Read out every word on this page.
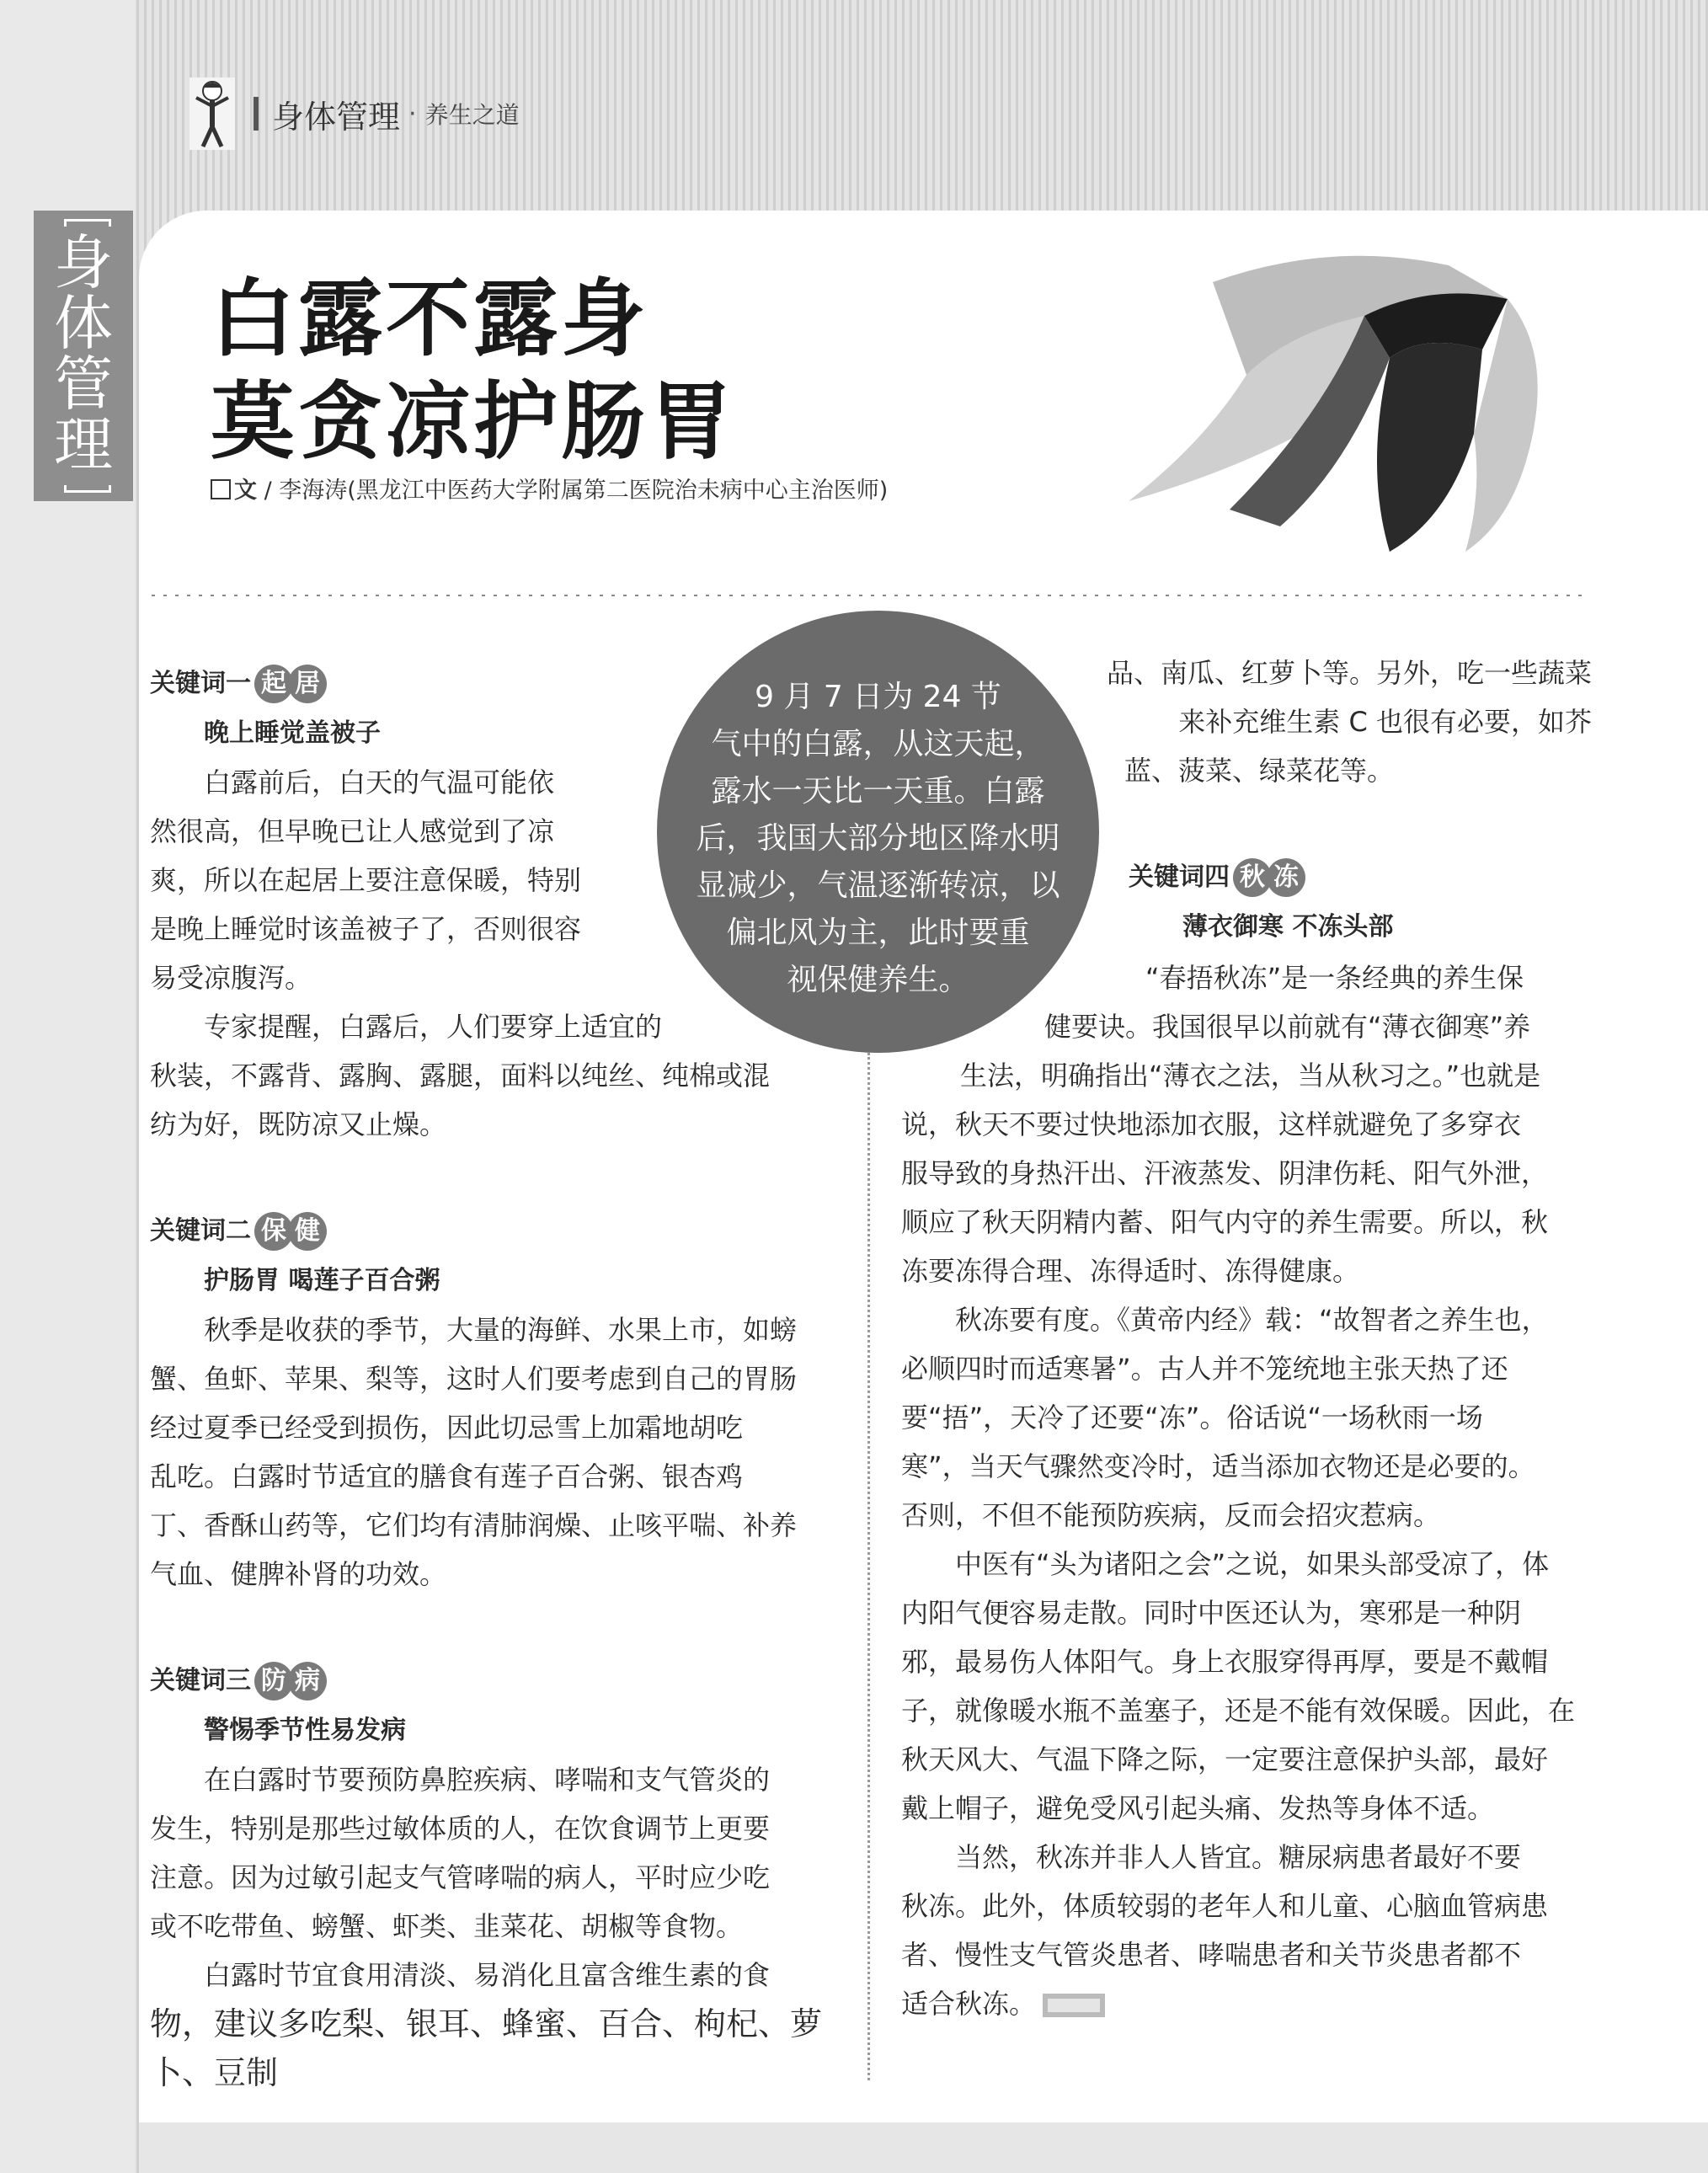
身体管理 · 养生之道
身
体
管
理
白露不露身
莫贪凉护肠胃
文 / 李海涛(黑龙江中医药大学附属第二医院治未病中心主治医师)
关键词一 起 居
晚上睡觉盖被子
白露前后，白天的气温可能依
然很高，但早晚已让人感觉到了凉
爽，所以在起居上要注意保暖，特别
是晚上睡觉时该盖被子了，否则很容
易受凉腹泻。
专家提醒，白露后，人们要穿上适宜的
秋装，不露背、露胸、露腿，面料以纯丝、纯棉或混
纺为好，既防凉又止燥。
关键词二 保 健
护肠胃 喝莲子百合粥
秋季是收获的季节，大量的海鲜、水果上市，如螃
蟹、鱼虾、苹果、梨等，这时人们要考虑到自己的胃肠
经过夏季已经受到损伤，因此切忌雪上加霜地胡吃
乱吃。白露时节适宜的膳食有莲子百合粥、银杏鸡
丁、香酥山药等，它们均有清肺润燥、止咳平喘、补养
气血、健脾补肾的功效。
关键词三 防 病
警惕季节性易发病
在白露时节要预防鼻腔疾病、哮喘和支气管炎的
发生，特别是那些过敏体质的人，在饮食调节上更要
注意。因为过敏引起支气管哮喘的病人，平时应少吃
或不吃带鱼、螃蟹、虾类、韭菜花、胡椒等食物。
白露时节宜食用清淡、易消化且富含维生素的食
物，建议多吃梨、银耳、蜂蜜、百合、枸杞、萝卜、豆制
9 月 7 日为 24 节
气中的白露，从这天起，
露水一天比一天重。白露
后，我国大部分地区降水明
显减少，气温逐渐转凉，以
偏北风为主，此时要重
视保健养生。
品、南瓜、红萝卜等。另外，吃一些蔬菜
来补充维生素 C 也很有必要，如芥
蓝、菠菜、绿菜花等。
关键词四 秋 冻
薄衣御寒 不冻头部
“春捂秋冻”是一条经典的养生保
健要诀。我国很早以前就有“薄衣御寒”养
生法，明确指出“薄衣之法，当从秋习之。”也就是
说，秋天不要过快地添加衣服，这样就避免了多穿衣
服导致的身热汗出、汗液蒸发、阴津伤耗、阳气外泄，
顺应了秋天阴精内蓄、阳气内守的养生需要。所以，秋
冻要冻得合理、冻得适时、冻得健康。
秋冻要有度。《黄帝内经》载：“故智者之养生也，
必顺四时而适寒暑”。古人并不笼统地主张天热了还
要“捂”，天冷了还要“冻”。俗话说“一场秋雨一场
寒”，当天气骤然变冷时，适当添加衣物还是必要的。
否则，不但不能预防疾病，反而会招灾惹病。
中医有“头为诸阳之会”之说，如果头部受凉了，体
内阳气便容易走散。同时中医还认为，寒邪是一种阴
邪，最易伤人体阳气。身上衣服穿得再厚，要是不戴帽
子，就像暖水瓶不盖塞子，还是不能有效保暖。因此，在
秋天风大、气温下降之际，一定要注意保护头部，最好
戴上帽子，避免受风引起头痛、发热等身体不适。
当然，秋冻并非人人皆宜。糖尿病患者最好不要
秋冻。此外，体质较弱的老年人和儿童、心脑血管病患
者、慢性支气管炎患者、哮喘患者和关节炎患者都不
适合秋冻。
